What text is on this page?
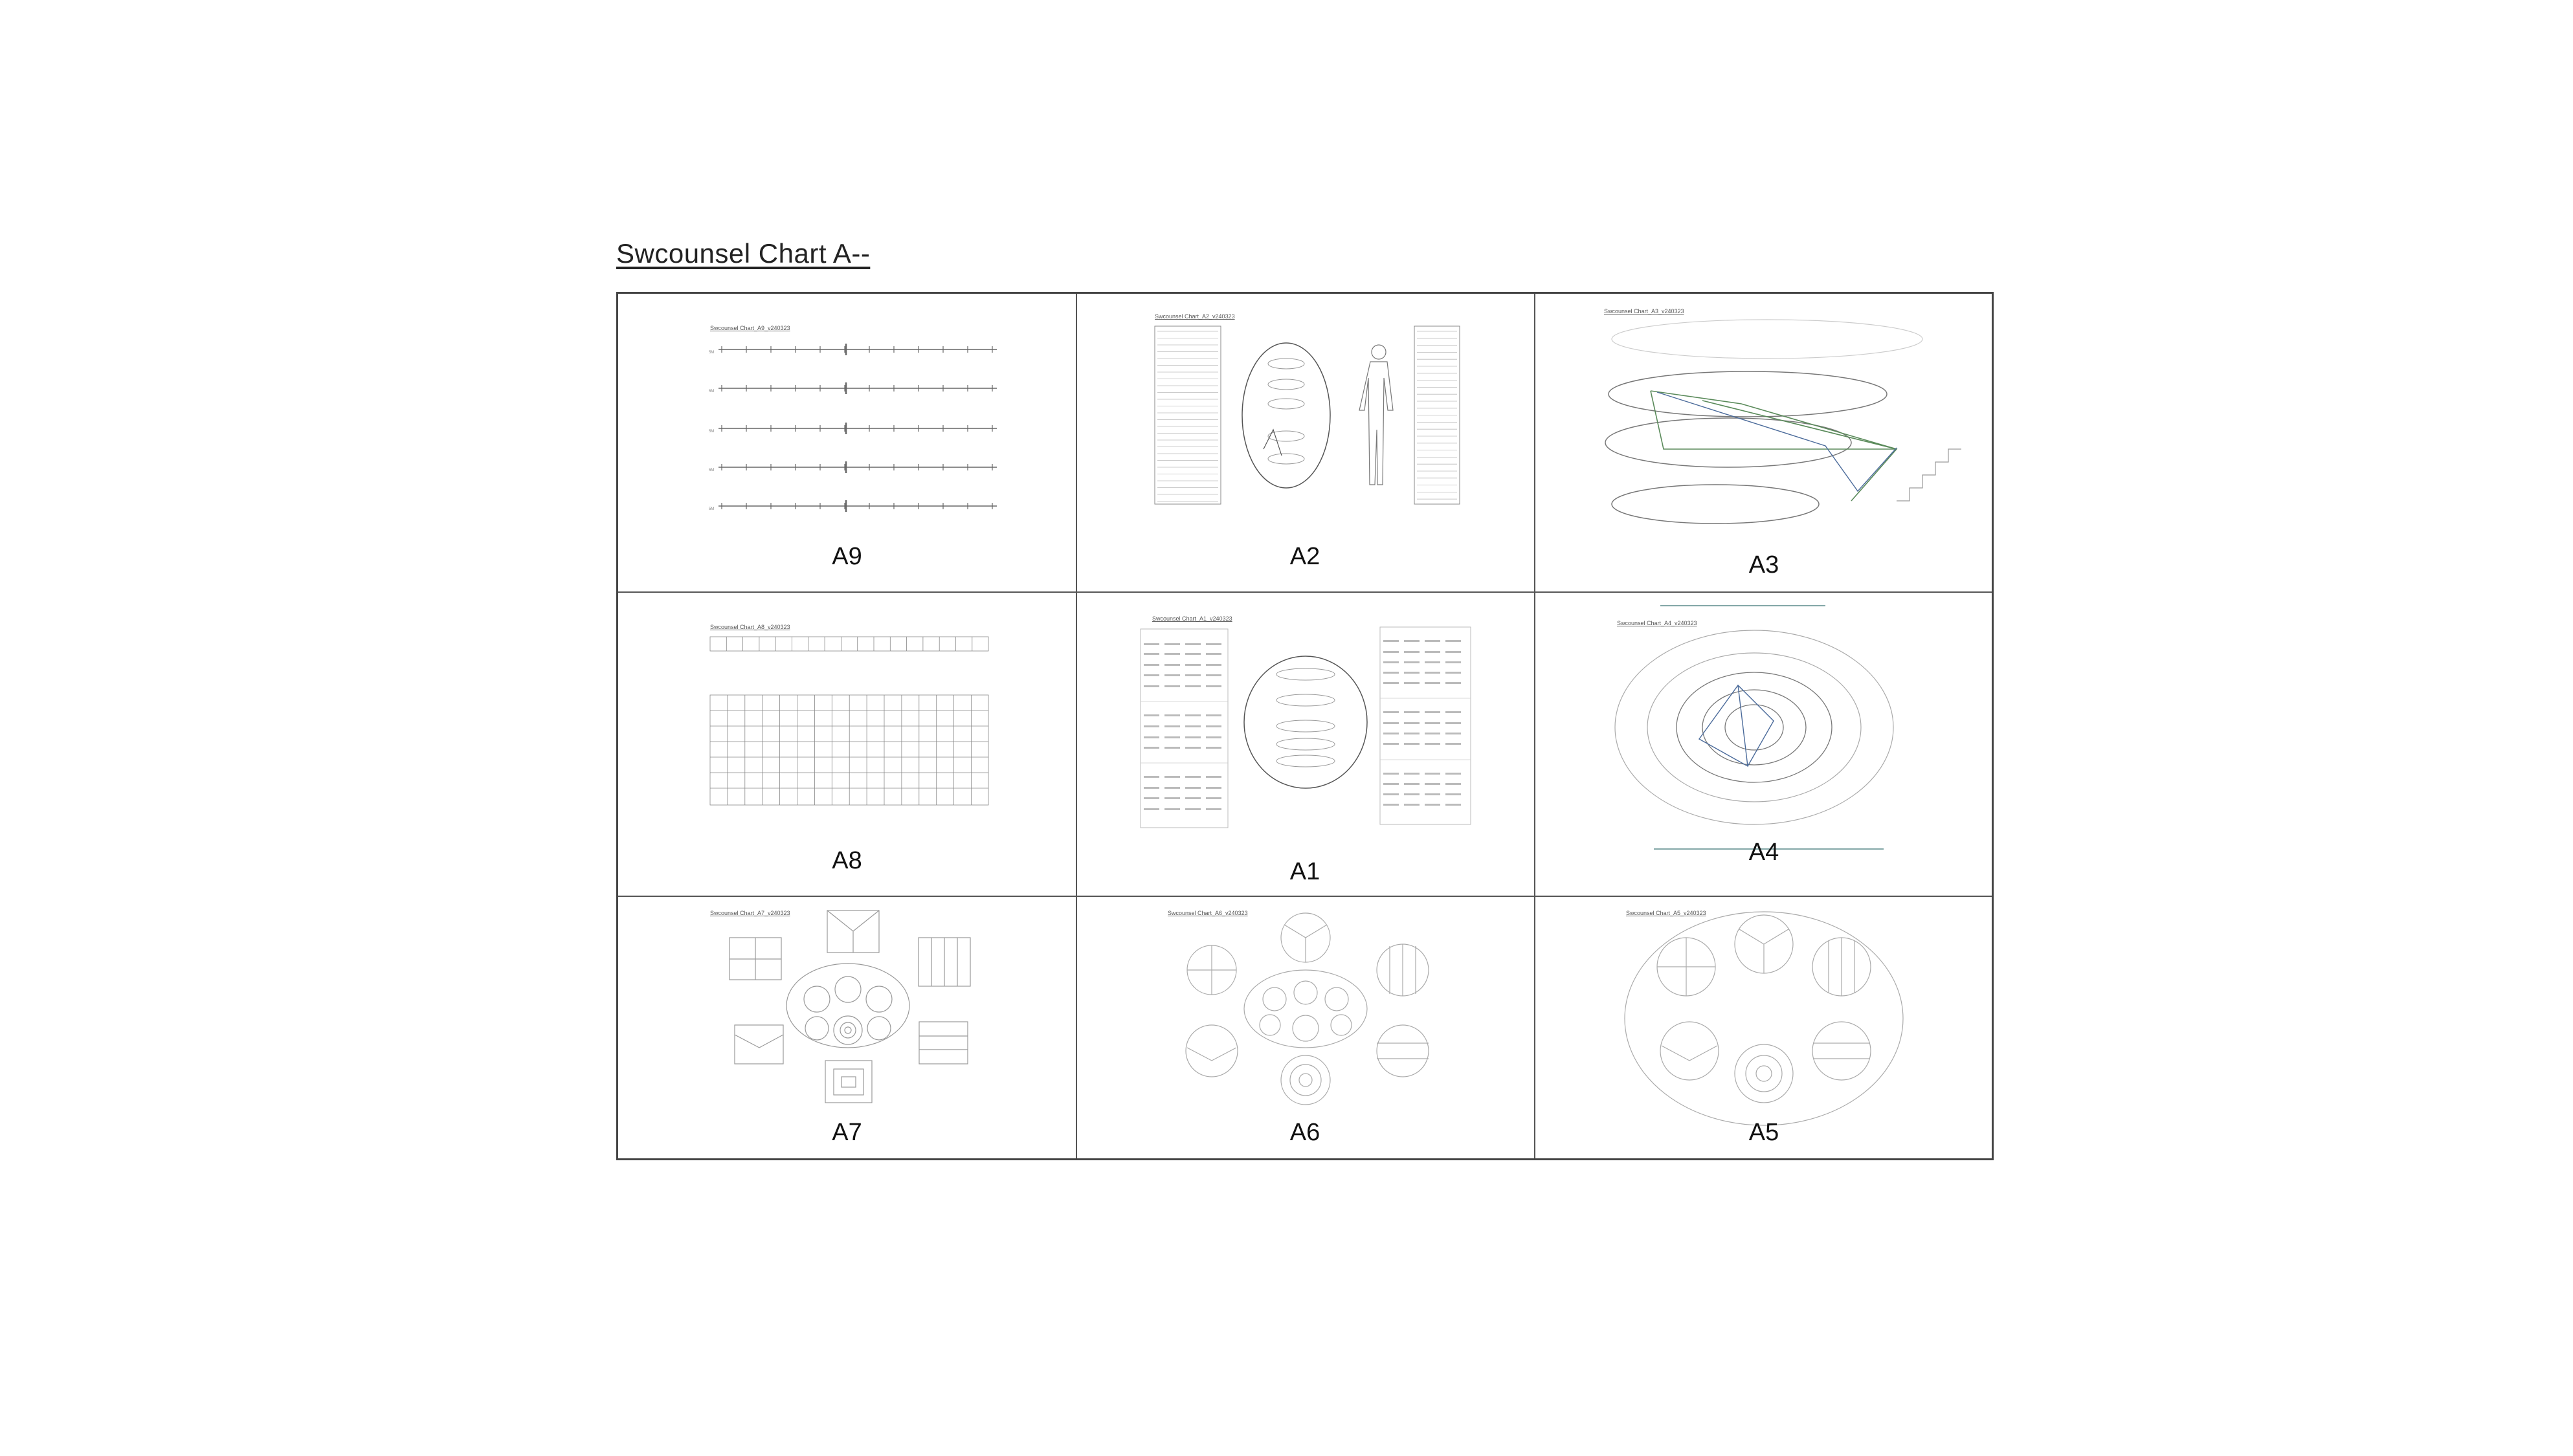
Swcounsel Chart A--
Swcounsel Chart_A9_v240323
5M
5M
5M
5M
5M
A9
Swcounsel Chart_A2_v240323
A2
Swcounsel Chart_A3_v240323
A3
Swcounsel Chart_A8_v240323
A8
Swcounsel Chart_A1_v240323
A1
Swcounsel Chart_A4_v240323
A4
Swcounsel Chart_A7_v240323
A7
Swcounsel Chart_A6_v240323
A6
Swcounsel Chart_A5_v240323
A5
